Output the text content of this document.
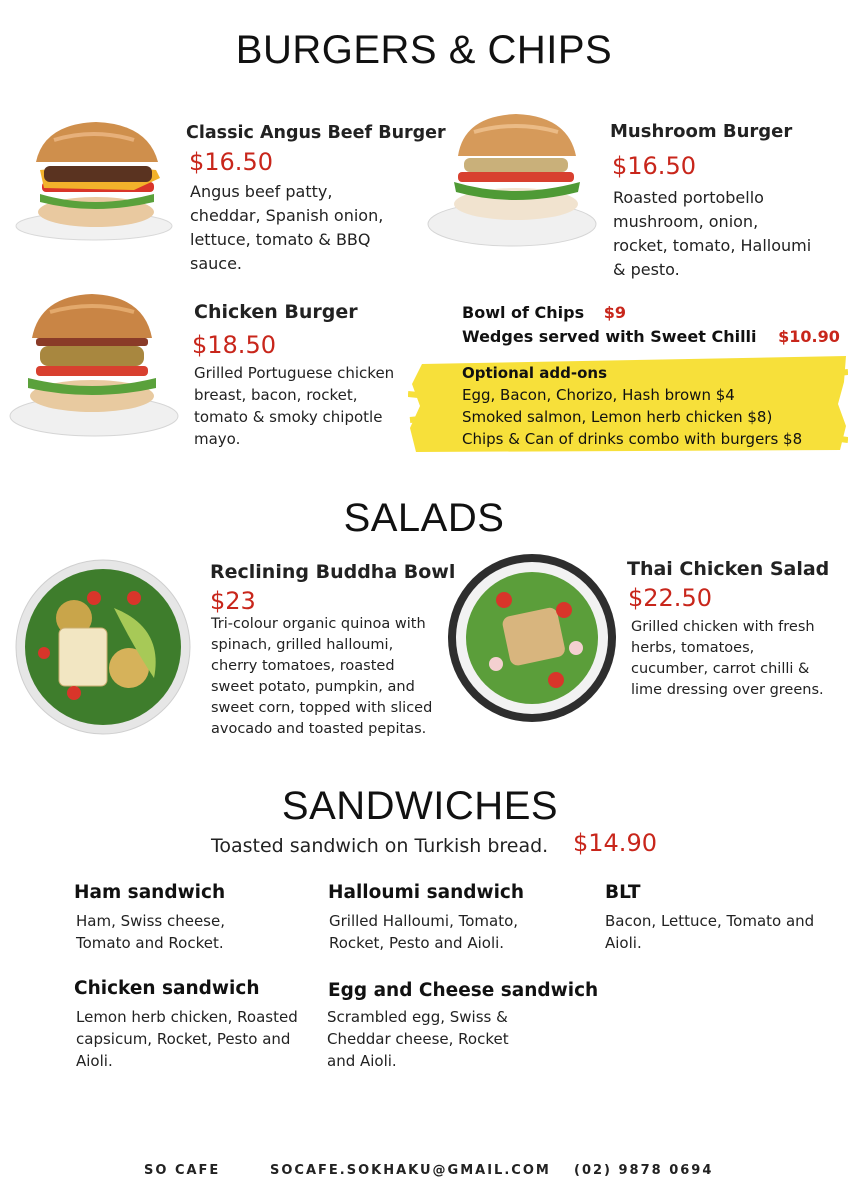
BURGERS & CHIPS
Classic Angus Beef Burger
$16.50
Angus beef patty, cheddar, Spanish onion, lettuce, tomato & BBQ sauce.
Mushroom Burger
$16.50
Roasted portobello mushroom, onion, rocket, tomato, Halloumi & pesto.
Chicken Burger
$18.50
Grilled Portuguese chicken breast, bacon, rocket, tomato & smoky chipotle mayo.
Bowl of Chips $9
Wedges served with Sweet Chilli $10.90
Optional add-ons
Egg, Bacon, Chorizo, Hash brown $4
Smoked salmon, Lemon herb chicken $8)
Chips & Can of drinks combo with burgers $8
SALADS
Reclining Buddha Bowl
$23
Tri-colour organic quinoa with spinach, grilled halloumi, cherry tomatoes, roasted sweet potato, pumpkin, and sweet corn, topped with sliced avocado and toasted pepitas.
Thai Chicken Salad
$22.50
Grilled chicken with fresh herbs, tomatoes, cucumber, carrot chilli & lime dressing over greens.
SANDWICHES
Toasted sandwich on Turkish bread. $14.90
Ham sandwich
Ham, Swiss cheese, Tomato and Rocket.
Halloumi sandwich
Grilled Halloumi, Tomato, Rocket, Pesto and Aioli.
BLT
Bacon, Lettuce, Tomato and Aioli.
Chicken sandwich
Lemon herb chicken, Roasted capsicum, Rocket, Pesto and Aioli.
Egg and Cheese sandwich
Scrambled egg, Swiss & Cheddar cheese, Rocket and Aioli.
SO CAFE	SOCAFE.SOKHAKU@GMAIL.COM (02) 9878 0694
